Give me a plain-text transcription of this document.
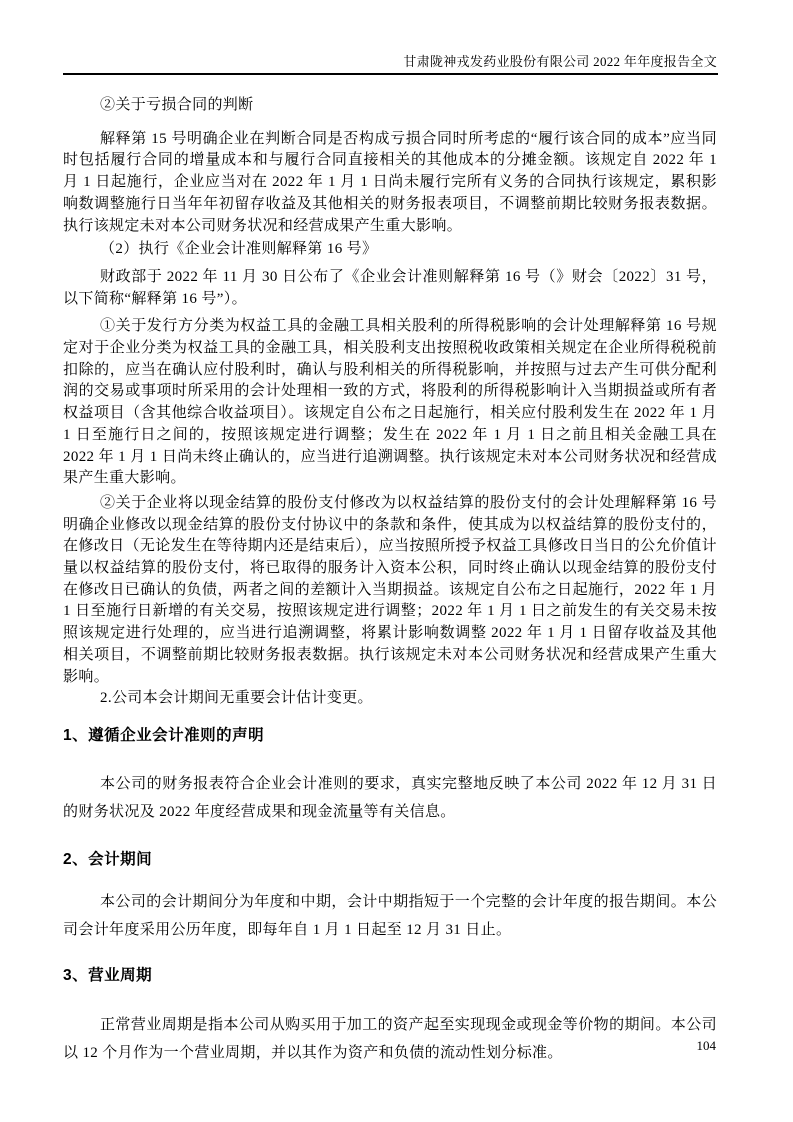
甘肃陇神戎发药业股份有限公司 2022 年年度报告全文

②关于亏损合同的判断

解释第 15 号明确企业在判断合同是否构成亏损合同时所考虑的“履行该合同的成本”应当同时包括履行合同的增量成本和与履行合同直接相关的其他成本的分摊金额。该规定自 2022 年 1 月 1 日起施行，企业应当对在 2022 年 1 月 1 日尚未履行完所有义务的合同执行该规定，累积影响数调整施行日当年年初留存收益及其他相关的财务报表项目，不调整前期比较财务报表数据。执行该规定未对本公司财务状况和经营成果产生重大影响。

（2）执行《企业会计准则解释第 16 号》

财政部于 2022 年 11 月 30 日公布了《企业会计准则解释第 16 号（》财会〔2022〕31 号，以下简称“解释第 16 号”）。

①关于发行方分类为权益工具的金融工具相关股利的所得税影响的会计处理解释第 16 号规定对于企业分类为权益工具的金融工具，相关股利支出按照税收政策相关规定在企业所得税税前扣除的，应当在确认应付股利时，确认与股利相关的所得税影响，并按照与过去产生可供分配利润的交易或事项时所采用的会计处理相一致的方式，将股利的所得税影响计入当期损益或所有者权益项目（含其他综合收益项目）。该规定自公布之日起施行，相关应付股利发生在 2022 年 1 月 1 日至施行日之间的，按照该规定进行调整；发生在 2022 年 1 月 1 日之前且相关金融工具在 2022 年 1 月 1 日尚未终止确认的，应当进行追溯调整。执行该规定未对本公司财务状况和经营成果产生重大影响。

②关于企业将以现金结算的股份支付修改为以权益结算的股份支付的会计处理解释第 16 号明确企业修改以现金结算的股份支付协议中的条款和条件，使其成为以权益结算的股份支付的，在修改日（无论发生在等待期内还是结束后），应当按照所授予权益工具修改日当日的公允价值计量以权益结算的股份支付，将已取得的服务计入资本公积，同时终止确认以现金结算的股份支付在修改日已确认的负债，两者之间的差额计入当期损益。该规定自公布之日起施行，2022 年 1 月 1 日至施行日新增的有关交易，按照该规定进行调整；2022 年 1 月 1 日之前发生的有关交易未按照该规定进行处理的，应当进行追溯调整，将累计影响数调整 2022 年 1 月 1 日留存收益及其他相关项目，不调整前期比较财务报表数据。执行该规定未对本公司财务状况和经营成果产生重大影响。

2.公司本会计期间无重要会计估计变更。

1、遵循企业会计准则的声明

本公司的财务报表符合企业会计准则的要求，真实完整地反映了本公司 2022 年 12 月 31 日的财务状况及 2022 年度经营成果和现金流量等有关信息。

2、会计期间

本公司的会计期间分为年度和中期，会计中期指短于一个完整的会计年度的报告期间。本公司会计年度采用公历年度，即每年自 1 月 1 日起至 12 月 31 日止。

3、营业周期

正常营业周期是指本公司从购买用于加工的资产起至实现现金或现金等价物的期间。本公司以 12 个月作为一个营业周期，并以其作为资产和负债的流动性划分标准。	104
